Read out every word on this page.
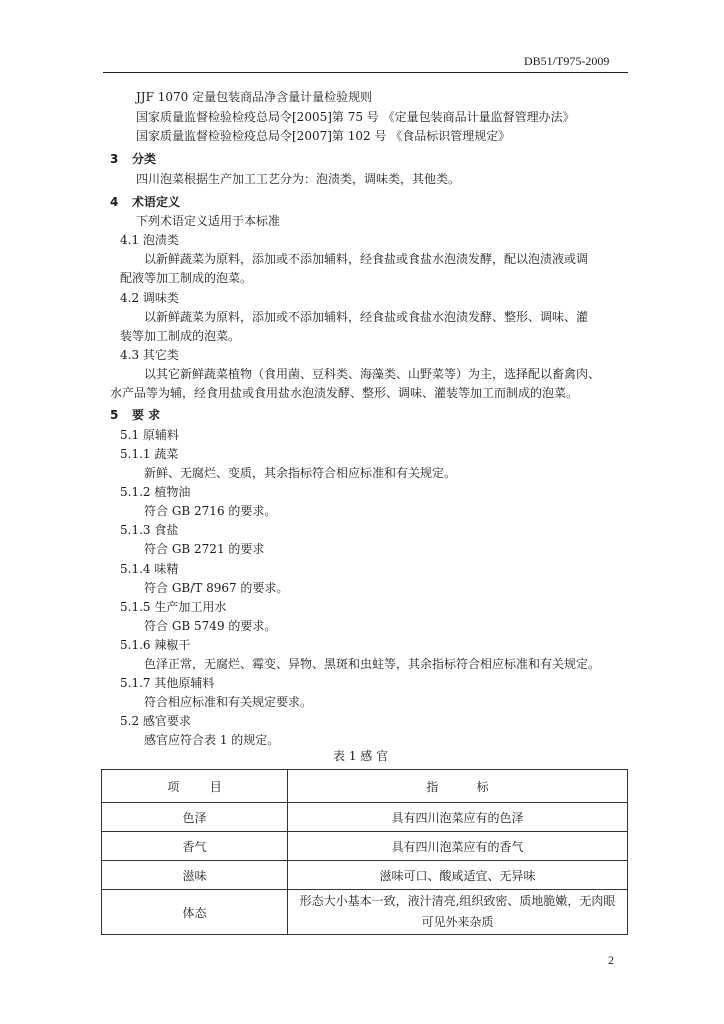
DB51/T975-2009
JJF 1070 定量包装商品净含量计量检验规则
国家质量监督检验检疫总局令[2005]第 75 号 《定量包装商品计量监督管理办法》
国家质量监督检验检疫总局令[2007]第 102 号 《食品标识管理规定》
3 分类
四川泡菜根据生产加工工艺分为：泡渍类，调味类，其他类。
4 术语定义
下列术语定义适用于本标准
4.1 泡渍类
以新鲜蔬菜为原料，添加或不添加辅料，经食盐或食盐水泡渍发酵，配以泡渍液或调
配液等加工制成的泡菜。
4.2 调味类
以新鲜蔬菜为原料，添加或不添加辅料，经食盐或食盐水泡渍发酵、整形、调味、灌
装等加工制成的泡菜。
4.3 其它类
以其它新鲜蔬菜植物（食用菌、豆科类、海藻类、山野菜等）为主，选择配以畜禽肉、
水产品等为辅，经食用盐或食用盐水泡渍发酵、整形、调味、灌装等加工而制成的泡菜。
5 要 求
5.1 原辅料
5.1.1 蔬菜
新鲜、无腐烂、变质，其余指标符合相应标准和有关规定。
5.1.2 植物油
符合 GB 2716 的要求。
5.1.3 食盐
符合 GB 2721 的要求
5.1.4 味精
符合 GB/T 8967 的要求。
5.1.5 生产加工用水
符合 GB 5749 的要求。
5.1.6 辣椒干
色泽正常，无腐烂、霉变、异物、黑斑和虫蛀等，其余指标符合相应标准和有关规定。
5.1.7 其他原辅料
符合相应标准和有关规定要求。
5.2 感官要求
感官应符合表 1 的规定。
表 1 感 官
项        目	指          标
色泽	具有四川泡菜应有的色泽
香气	具有四川泡菜应有的香气
滋味	滋味可口、酸咸适宜、无异味
体态	形态大小基本一致，液汁清亮,组织致密、质地脆嫩，无肉眼可见外来杂质
2
